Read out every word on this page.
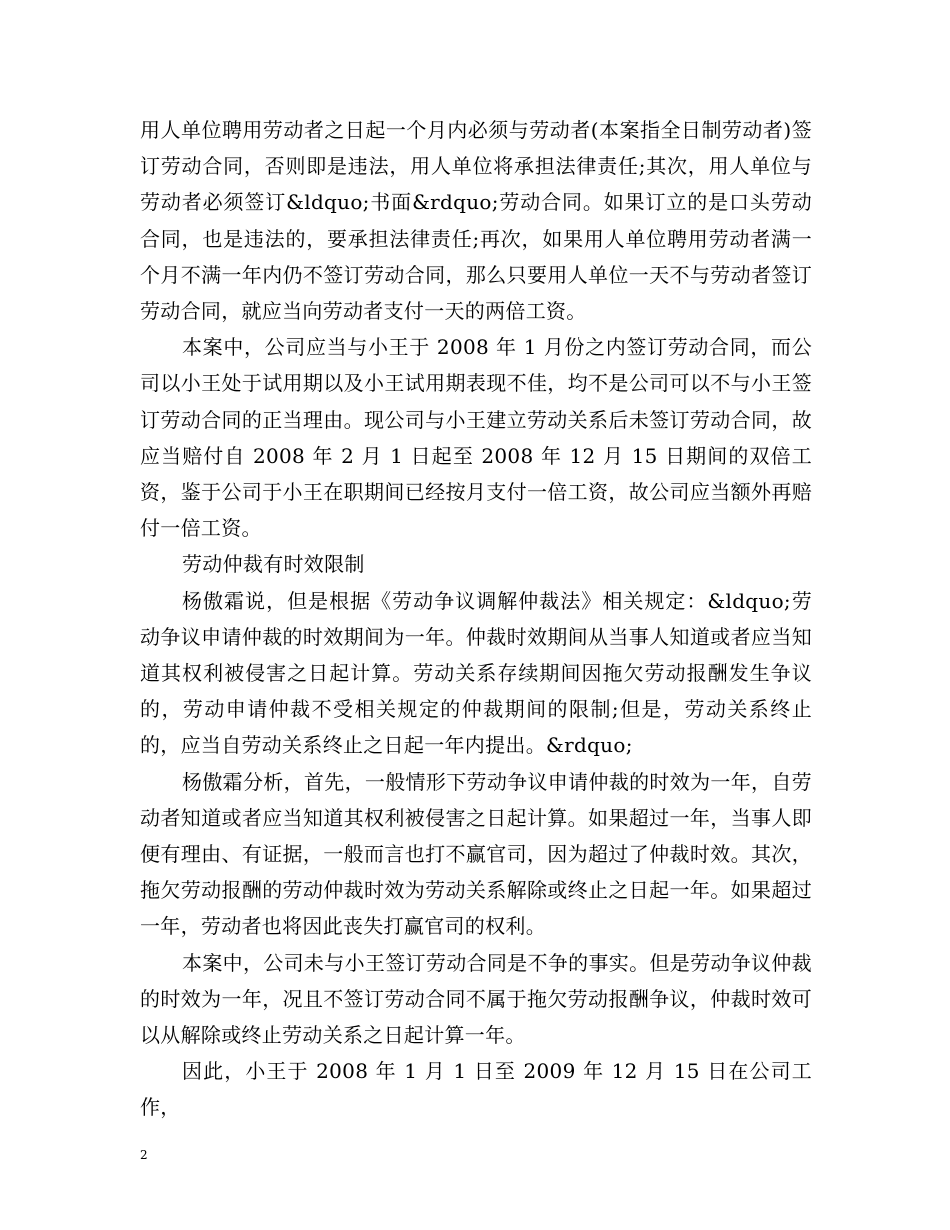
用人单位聘用劳动者之日起一个月内必须与劳动者(本案指全日制劳动者)签订劳动合同，否则即是违法，用人单位将承担法律责任;其次，用人单位与劳动者必须签订&ldquo;书面&rdquo;劳动合同。如果订立的是口头劳动合同，也是违法的，要承担法律责任;再次，如果用人单位聘用劳动者满一个月不满一年内仍不签订劳动合同，那么只要用人单位一天不与劳动者签订劳动合同，就应当向劳动者支付一天的两倍工资。

本案中，公司应当与小王于 2008 年 1 月份之内签订劳动合同，而公司以小王处于试用期以及小王试用期表现不佳，均不是公司可以不与小王签订劳动合同的正当理由。现公司与小王建立劳动关系后未签订劳动合同，故应当赔付自 2008 年 2 月 1 日起至 2008 年 12 月 15 日期间的双倍工资，鉴于公司于小王在职期间已经按月支付一倍工资，故公司应当额外再赔付一倍工资。

劳动仲裁有时效限制

杨傲霜说，但是根据《劳动争议调解仲裁法》相关规定：&ldquo;劳动争议申请仲裁的时效期间为一年。仲裁时效期间从当事人知道或者应当知道其权利被侵害之日起计算。劳动关系存续期间因拖欠劳动报酬发生争议的，劳动申请仲裁不受相关规定的仲裁期间的限制;但是，劳动关系终止的，应当自劳动关系终止之日起一年内提出。&rdquo;

杨傲霜分析，首先，一般情形下劳动争议申请仲裁的时效为一年，自劳动者知道或者应当知道其权利被侵害之日起计算。如果超过一年，当事人即便有理由、有证据，一般而言也打不赢官司，因为超过了仲裁时效。其次，拖欠劳动报酬的劳动仲裁时效为劳动关系解除或终止之日起一年。如果超过一年，劳动者也将因此丧失打赢官司的权利。

本案中，公司未与小王签订劳动合同是不争的事实。但是劳动争议仲裁的时效为一年，况且不签订劳动合同不属于拖欠劳动报酬争议，仲裁时效可以从解除或终止劳动关系之日起计算一年。

因此，小王于 2008 年 1 月 1 日至 2009 年 12 月 15 日在公司工作，

2
